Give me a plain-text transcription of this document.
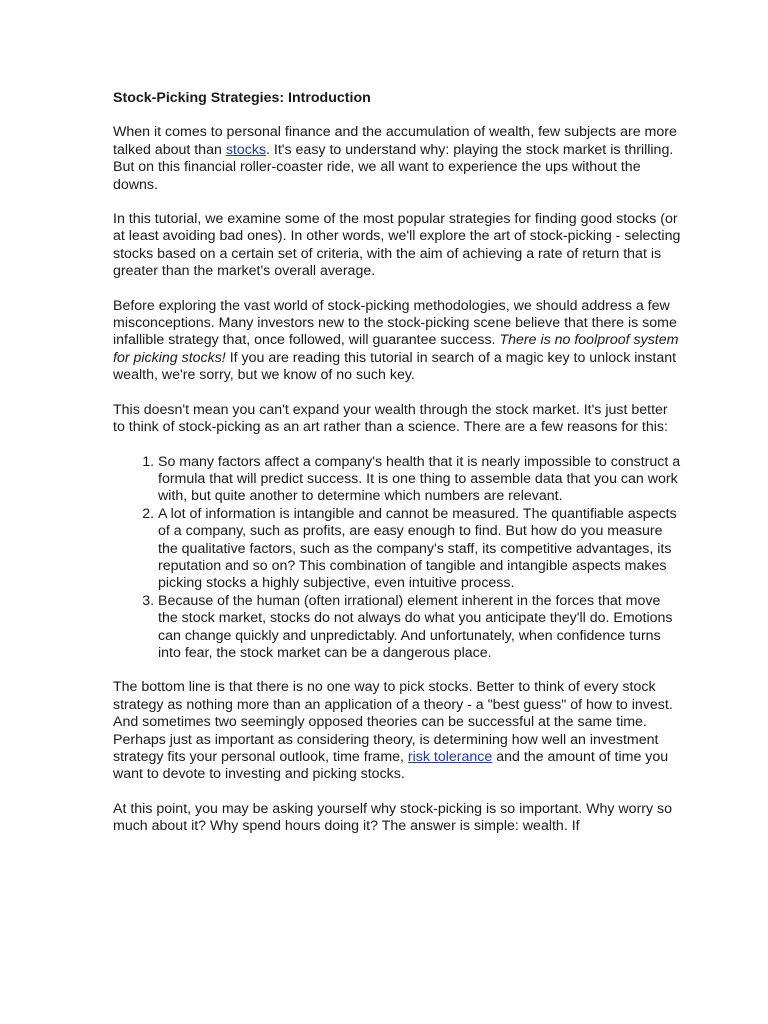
Stock-Picking Strategies: Introduction

When it comes to personal finance and the accumulation of wealth, few subjects are more talked about than stocks. It's easy to understand why: playing the stock market is thrilling. But on this financial roller-coaster ride, we all want to experience the ups without the downs.

In this tutorial, we examine some of the most popular strategies for finding good stocks (or at least avoiding bad ones). In other words, we'll explore the art of stock-picking - selecting stocks based on a certain set of criteria, with the aim of achieving a rate of return that is greater than the market's overall average.

Before exploring the vast world of stock-picking methodologies, we should address a few misconceptions. Many investors new to the stock-picking scene believe that there is some infallible strategy that, once followed, will guarantee success. There is no foolproof system for picking stocks! If you are reading this tutorial in search of a magic key to unlock instant wealth, we're sorry, but we know of no such key.

This doesn't mean you can't expand your wealth through the stock market. It's just better to think of stock-picking as an art rather than a science. There are a few reasons for this:

1. So many factors affect a company's health that it is nearly impossible to construct a formula that will predict success. It is one thing to assemble data that you can work with, but quite another to determine which numbers are relevant.
2. A lot of information is intangible and cannot be measured. The quantifiable aspects of a company, such as profits, are easy enough to find. But how do you measure the qualitative factors, such as the company's staff, its competitive advantages, its reputation and so on? This combination of tangible and intangible aspects makes picking stocks a highly subjective, even intuitive process.
3. Because of the human (often irrational) element inherent in the forces that move the stock market, stocks do not always do what you anticipate they'll do. Emotions can change quickly and unpredictably. And unfortunately, when confidence turns into fear, the stock market can be a dangerous place.

The bottom line is that there is no one way to pick stocks. Better to think of every stock strategy as nothing more than an application of a theory - a "best guess" of how to invest. And sometimes two seemingly opposed theories can be successful at the same time. Perhaps just as important as considering theory, is determining how well an investment strategy fits your personal outlook, time frame, risk tolerance and the amount of time you want to devote to investing and picking stocks.

At this point, you may be asking yourself why stock-picking is so important. Why worry so much about it? Why spend hours doing it? The answer is simple: wealth. If
